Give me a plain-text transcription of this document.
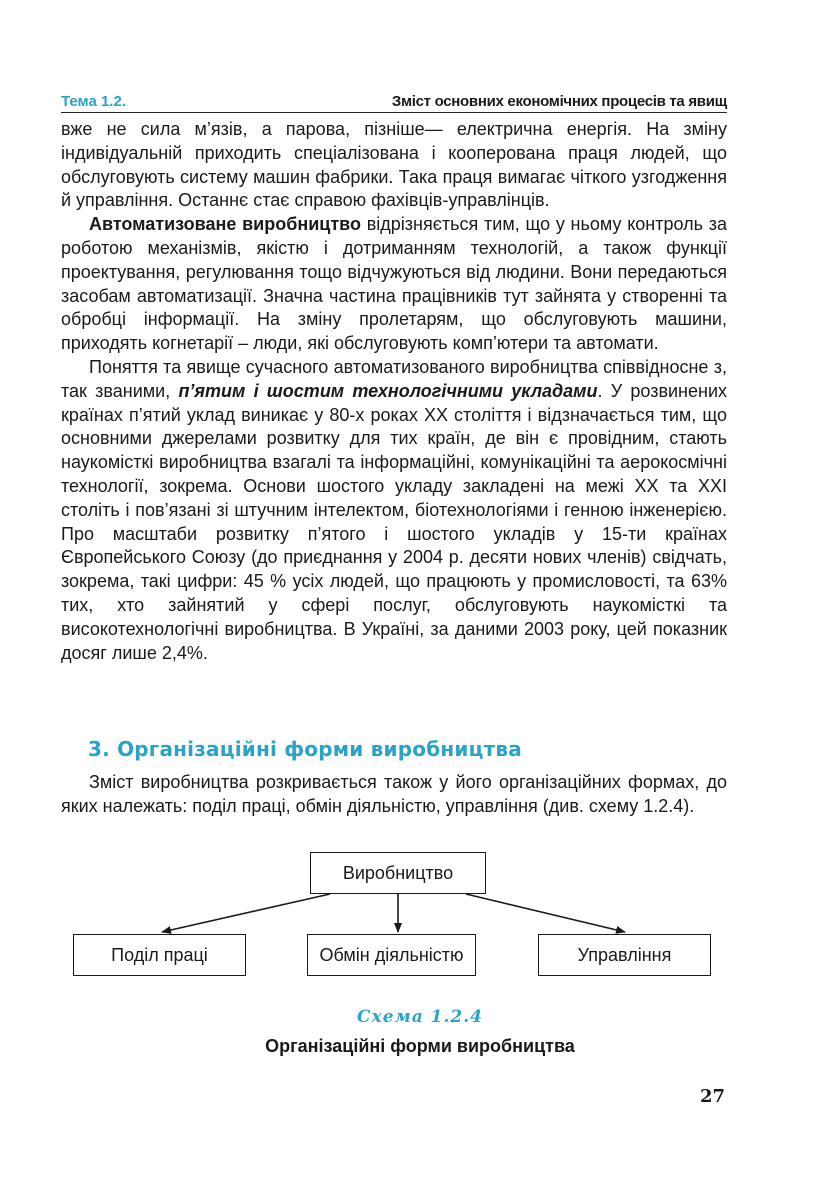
Тема 1.2.	Зміст основних економічних процесів та явищ

вже не сила м’язів, а парова, пізніше— електрична енергія. На зміну індивідуальній приходить спеціалізована і кооперована праця людей, що обслуговують систему машин фабрики. Така праця вимагає чіткого узгодження й управління. Останнє стає справою фахівців-управлінців.

Автоматизоване виробництво відрізняється тим, що у ньому контроль за роботою механізмів, якістю і дотриманням технологій, а також функції проектування, регулювання тощо відчужуються від людини. Вони передаються засобам автоматизації. Значна частина працівників тут зайнята у створенні та обробці інформації. На зміну пролетарям, що обслуговують машини, приходять когнетарії – люди, які обслуговують комп’ютери та автомати.

Поняття та явище сучасного автоматизованого виробництва співвідносне з, так званими, п’ятим і шостим технологічними укладами. У розвинених країнах п’ятий уклад виникає у 80-х роках ХХ століття і відзначається тим, що основними джерелами розвитку для тих країн, де він є провідним, стають наукомісткі виробництва взагалі та інформаційні, комунікаційні та аерокосмічні технології, зокрема. Основи шостого укладу закладені на межі ХХ та ХХІ століть і пов’язані зі штучним інтелектом, біотехнологіями і генною інженерією. Про масштаби розвитку п’ятого і шостого укладів у 15-ти країнах Європейського Союзу (до приєднання у 2004 р. десяти нових членів) свідчать, зокрема, такі цифри: 45 % усіх людей, що працюють у промисловості, та 63% тих, хто зайнятий у сфері послуг, обслуговують наукомісткі та високотехнологічні виробництва. В Україні, за даними 2003 року, цей показник досяг лише 2,4%.

3. Організаційні форми виробництва

Зміст виробництва розкривається також у його організаційних формах, до яких належать: поділ праці, обмін діяльністю, управління (див. схему 1.2.4).

Виробництво
Поділ праці	Обмін діяльністю	Управління
Схема 1.2.4
Організаційні форми виробництва
27
